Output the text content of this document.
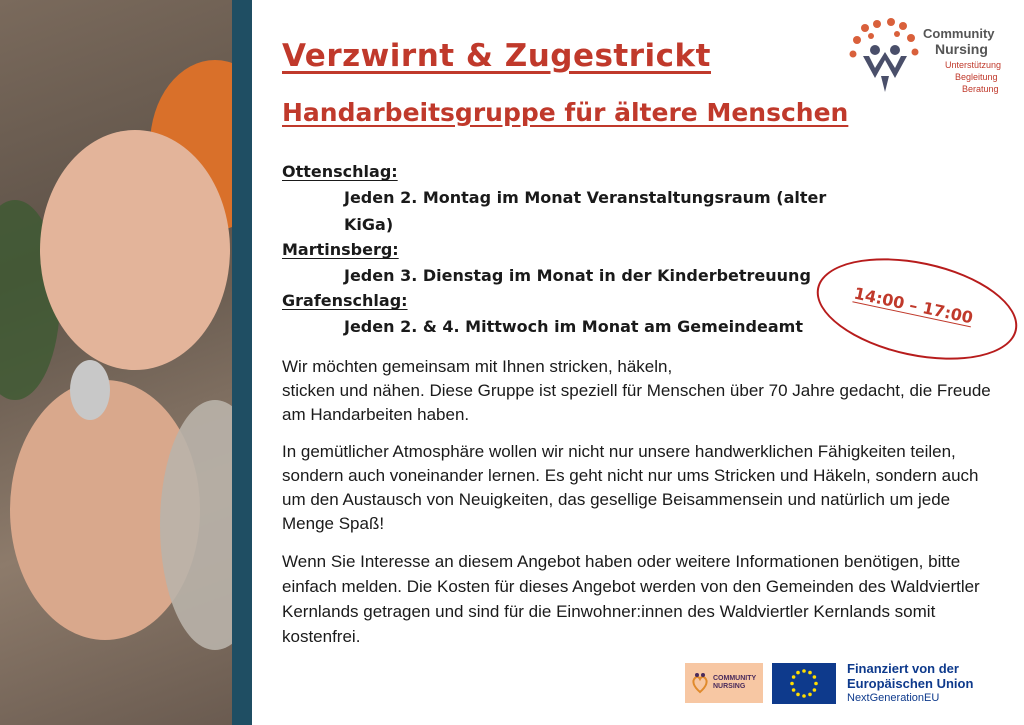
Community
Nursing
Unterstützung
Begleitung
Beratung
Verzwirnt & Zugestrickt
Handarbeitsgruppe für ältere Menschen
Ottenschlag:
Jeden 2. Montag im Monat Veranstaltungsraum (alter KiGa)
Martinsberg:
Jeden 3. Dienstag im Monat in der Kinderbetreuung
Grafenschlag:
Jeden 2. & 4. Mittwoch im Monat am Gemeindeamt	14:00 – 17:00

Wir möchten gemeinsam mit Ihnen stricken, häkeln,
sticken und nähen. Diese Gruppe ist speziell für Menschen über 70 Jahre gedacht, die Freude am Handarbeiten haben.

In gemütlicher Atmosphäre wollen wir nicht nur unsere handwerklichen Fähigkeiten teilen, sondern auch voneinander lernen. Es geht nicht nur ums Stricken und Häkeln, sondern auch um den Austausch von Neuigkeiten, das gesellige Beisammensein und natürlich um jede Menge Spaß!

Wenn Sie Interesse an diesem Angebot haben oder weitere Informationen benötigen, bitte einfach melden. Die Kosten für dieses Angebot werden von den Gemeinden des Waldviertler Kernlands getragen und sind für die Einwohner:innen des Waldviertler Kernlands somit kostenfrei.

COMMUNITY
NURSING
Finanziert von der
Europäischen Union
NextGenerationEU
